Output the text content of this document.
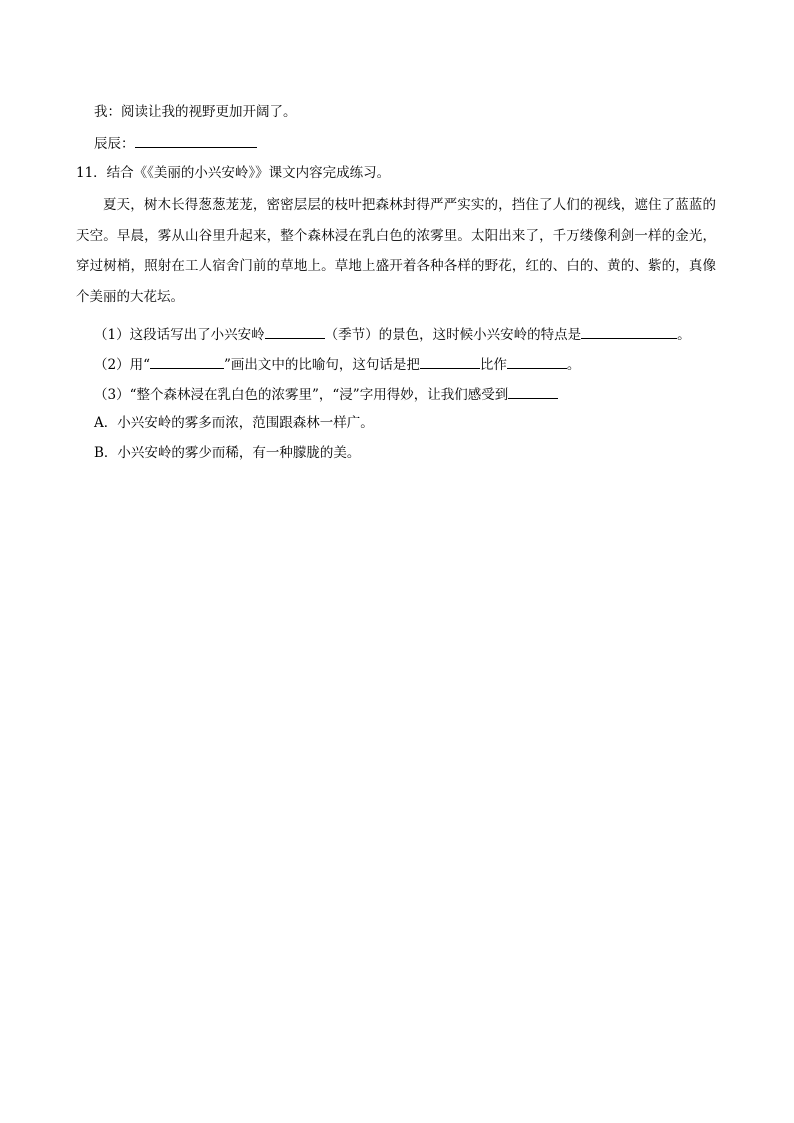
我：阅读让我的视野更加开阔了。
辰辰：
11．结合《《美丽的小兴安岭》》课文内容完成练习。
夏天，树木长得葱葱茏茏，密密层层的枝叶把森林封得严严实实的，挡住了人们的视线，遮住了蓝蓝的天空。早晨，雾从山谷里升起来，整个森林浸在乳白色的浓雾里。太阳出来了，千万缕像利剑一样的金光，穿过树梢，照射在工人宿舍门前的草地上。草地上盛开着各种各样的野花，红的、白的、黄的、紫的，真像个美丽的大花坛。
（1）这段话写出了小兴安岭	（季节）的景色，这时候小兴安岭的特点是	。
（2）用“	”画出文中的比喻句，这句话是把	比作	。
（3）“整个森林浸在乳白色的浓雾里”，“浸”字用得妙，让我们感受到
A．小兴安岭的雾多而浓，范围跟森林一样广。
B．小兴安岭的雾少而稀，有一种朦胧的美。
